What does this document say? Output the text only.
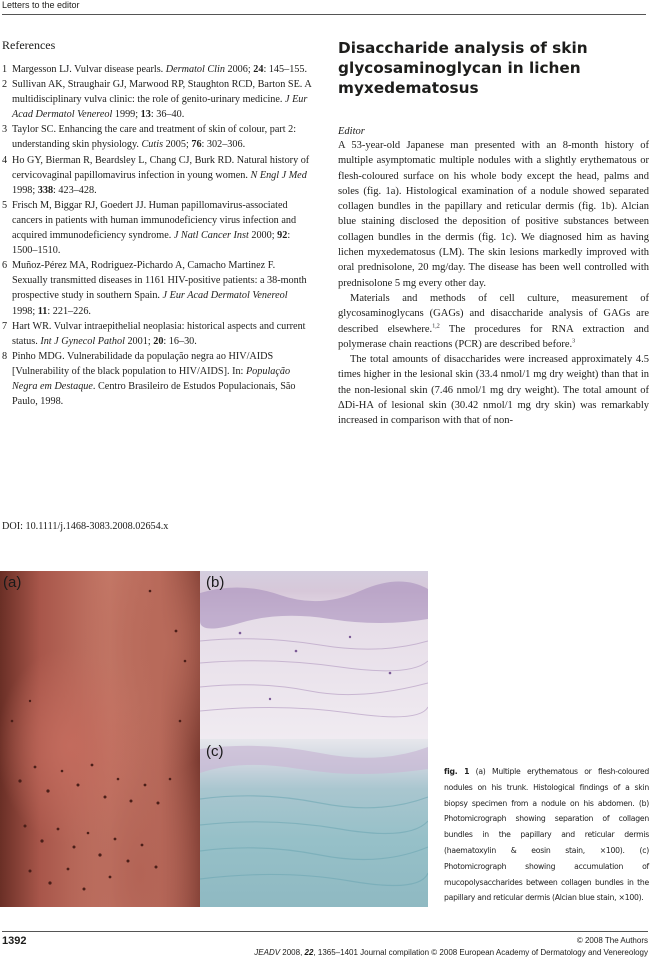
Letters to the editor
References
1 Margesson LJ. Vulvar disease pearls. Dermatol Clin 2006; 24: 145–155.
2 Sullivan AK, Straughair GJ, Marwood RP, Staughton RCD, Barton SE. A multidisciplinary vulva clinic: the role of genito-urinary medicine. J Eur Acad Dermatol Venereol 1999; 13: 36–40.
3 Taylor SC. Enhancing the care and treatment of skin of colour, part 2: understanding skin physiology. Cutis 2005; 76: 302–306.
4 Ho GY, Bierman R, Beardsley L, Chang CJ, Burk RD. Natural history of cervicovaginal papillomavirus infection in young women. N Engl J Med 1998; 338: 423–428.
5 Frisch M, Biggar RJ, Goedert JJ. Human papillomavirus-associated cancers in patients with human immunodeficiency virus infection and acquired immunodeficiency syndrome. J Natl Cancer Inst 2000; 92: 1500–1510.
6 Muñoz-Pérez MA, Rodriguez-Pichardo A, Camacho Martinez F. Sexually transmitted diseases in 1161 HIV-positive patients: a 38-month prospective study in southern Spain. J Eur Acad Dermatol Venereol 1998; 11: 221–226.
7 Hart WR. Vulvar intraepithelial neoplasia: historical aspects and current status. Int J Gynecol Pathol 2001; 20: 16–30.
8 Pinho MDG. Vulnerabilidade da população negra ao HIV/AIDS [Vulnerability of the black population to HIV/AIDS]. In: População Negra em Destaque. Centro Brasileiro de Estudos Populacionais, São Paulo, 1998.
DOI: 10.1111/j.1468-3083.2008.02654.x
Disaccharide analysis of skin glycosaminoglycan in lichen myxedematosus
Editor

A 53-year-old Japanese man presented with an 8-month history of multiple asymptomatic multiple nodules with a slightly erythematous or flesh-coloured surface on his whole body except the head, palms and soles (fig. 1a). Histological examination of a nodule showed separated collagen bundles in the papillary and reticular dermis (fig. 1b). Alcian blue staining disclosed the deposition of positive substances between collagen bundles in the dermis (fig. 1c). We diagnosed him as having lichen myxedematosus (LM). The skin lesions markedly improved with oral prednisolone, 20 mg/day. The disease has been well controlled with prednisolone 5 mg every other day.

Materials and methods of cell culture, measurement of glycosaminoglycans (GAGs) and disaccharide analysis of GAGs are described elsewhere.$^{1,2}$ The procedures for RNA extraction and polymerase chain reactions (PCR) are described before.$^3$

The total amounts of disaccharides were increased approximately 4.5 times higher in the lesional skin (33.4 nmol/1 mg dry weight) than that in the non-lesional skin (7.46 nmol/1 mg dry weight). The total amount of ΔDi-HA of lesional skin (30.42 nmol/1 mg dry skin) was remarkably increased in comparison with that of non-

(a)	(b)
(c)
fig. 1 (a) Multiple erythematous or flesh-coloured nodules on his trunk. Histological findings of a skin biopsy specimen from a nodule on his abdomen. (b) Photomicrograph showing separation of collagen bundles in the papillary and reticular dermis (haematoxylin & eosin stain, ×100). (c) Photomicrograph showing accumulation of mucopolysaccharides between collagen bundles in the papillary and reticular dermis (Alcian blue stain, ×100).
1392	© 2008 The Authors
JEADV 2008, 22, 1365–1401 Journal compilation © 2008 European Academy of Dermatology and Venereology
